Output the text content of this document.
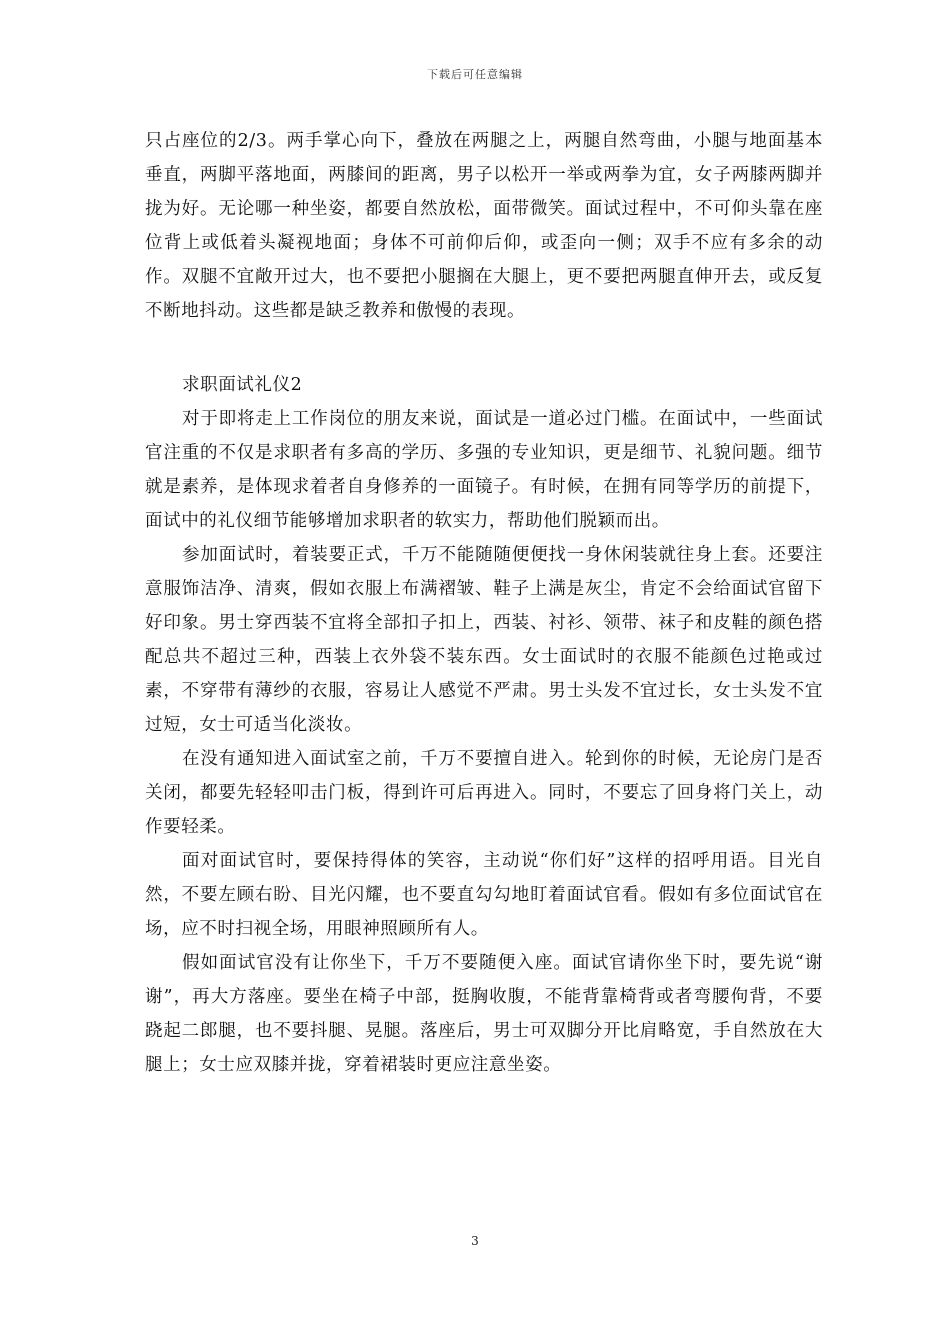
下载后可任意编辑

只占座位的2/3。两手掌心向下，叠放在两腿之上，两腿自然弯曲，小腿与地面基本垂直，两脚平落地面，两膝间的距离，男子以松开一举或两拳为宜，女子两膝两脚并拢为好。无论哪一种坐姿，都要自然放松，面带微笑。面试过程中，不可仰头靠在座位背上或低着头凝视地面；身体不可前仰后仰，或歪向一侧；双手不应有多余的动作。双腿不宜敞开过大，也不要把小腿搁在大腿上，更不要把两腿直伸开去，或反复不断地抖动。这些都是缺乏教养和傲慢的表现。

求职面试礼仪2

对于即将走上工作岗位的朋友来说，面试是一道必过门槛。在面试中，一些面试官注重的不仅是求职者有多高的学历、多强的专业知识，更是细节、礼貌问题。细节就是素养，是体现求着者自身修养的一面镜子。有时候，在拥有同等学历的前提下，面试中的礼仪细节能够增加求职者的软实力，帮助他们脱颖而出。

参加面试时，着装要正式，千万不能随随便便找一身休闲装就往身上套。还要注意服饰洁净、清爽，假如衣服上布满褶皱、鞋子上满是灰尘，肯定不会给面试官留下好印象。男士穿西装不宜将全部扣子扣上，西装、衬衫、领带、袜子和皮鞋的颜色搭配总共不超过三种，西装上衣外袋不装东西。女士面试时的衣服不能颜色过艳或过素，不穿带有薄纱的衣服，容易让人感觉不严肃。男士头发不宜过长，女士头发不宜过短，女士可适当化淡妆。

在没有通知进入面试室之前，千万不要擅自进入。轮到你的时候，无论房门是否关闭，都要先轻轻叩击门板，得到许可后再进入。同时，不要忘了回身将门关上，动作要轻柔。

面对面试官时，要保持得体的笑容，主动说“你们好”这样的招呼用语。目光自然，不要左顾右盼、目光闪耀，也不要直勾勾地盯着面试官看。假如有多位面试官在场，应不时扫视全场，用眼神照顾所有人。

假如面试官没有让你坐下，千万不要随便入座。面试官请你坐下时，要先说“谢谢”，再大方落座。要坐在椅子中部，挺胸收腹，不能背靠椅背或者弯腰佝背，不要跷起二郎腿，也不要抖腿、晃腿。落座后，男士可双脚分开比肩略宽，手自然放在大腿上；女士应双膝并拢，穿着裙装时更应注意坐姿。

3
